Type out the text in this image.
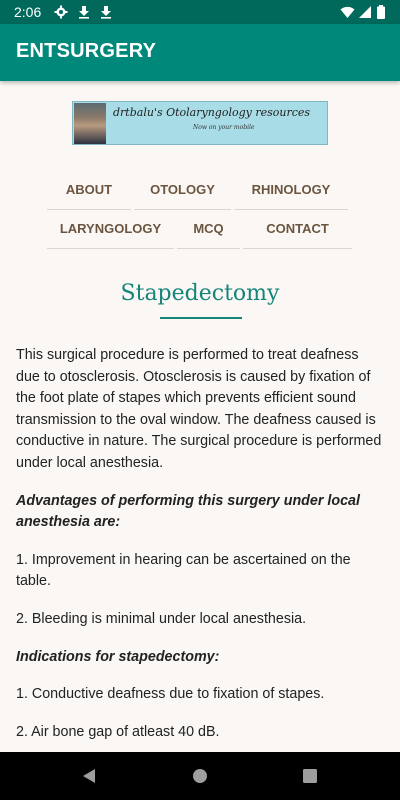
2:06
ENTSURGERY
drtbalu's Otolaryngology resources
Now on your mobile
ABOUT	OTOLOGY	RHINOLOGY
LARYNGOLOGY	MCQ	CONTACT
Stapedectomy

This surgical procedure is performed to treat deafness due to otosclerosis. Otosclerosis is caused by fixation of the foot plate of stapes which prevents efficient sound transmission to the oval window. The deafness caused is conductive in nature. The surgical procedure is performed under local anesthesia.

Advantages of performing this surgery under local anesthesia are:

1. Improvement in hearing can be ascertained on the table.

2. Bleeding is minimal under local anesthesia.

Indications for stapedectomy:

1. Conductive deafness due to fixation of stapes.

2. Air bone gap of atleast 40 dB.
